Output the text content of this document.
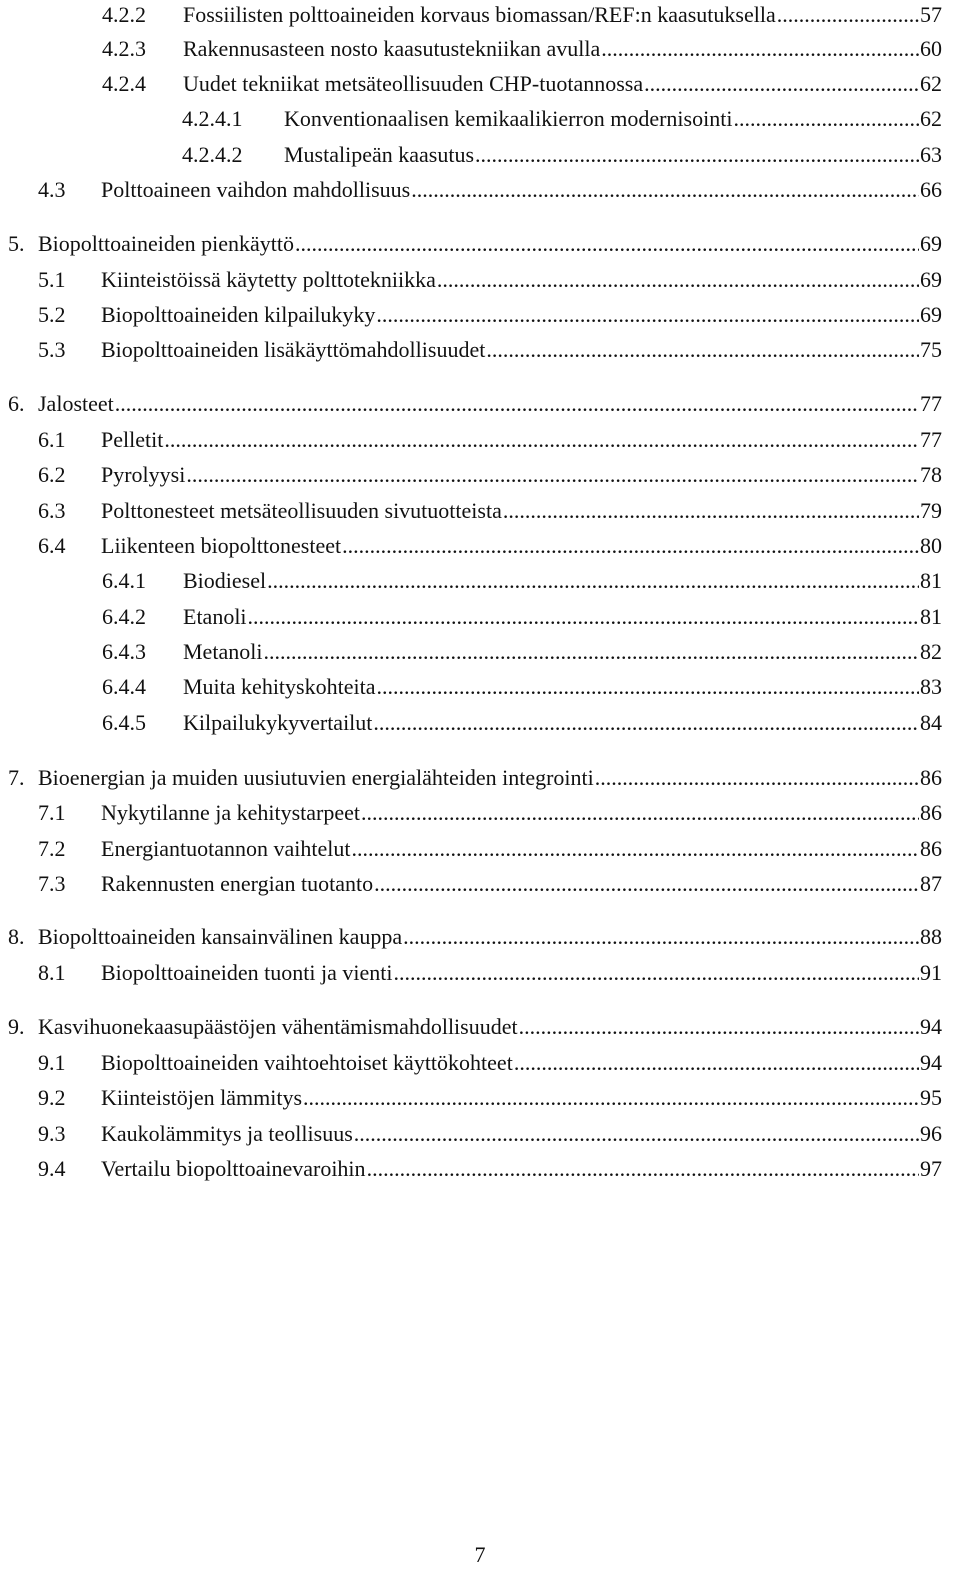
4.2.2	Fossiilisten polttoaineiden korvaus biomassan/REF:n kaasutuksella .....	57
4.2.3	Rakennusasteen nosto kaasutustekniikan avulla .....	60
4.2.4	Uudet tekniikat metsäteollisuuden CHP-tuotannossa .....	62
4.2.4.1	Konventionaalisen kemikaalikierron modernisointi .....	62
4.2.4.2	Mustalipeän kaasutus .....	63
4.3	Polttoaineen vaihdon mahdollisuus .....	66
5. Biopolttoaineiden pienkäyttö .....	69
5.1	Kiinteistöissä käytetty polttotekniikka .....	69
5.2	Biopolttoaineiden kilpailukyky .....	69
5.3	Biopolttoaineiden lisäkäyttömahdollisuudet .....	75
6. Jalosteet .....	77
6.1	Pelletit .....	77
6.2	Pyrolyysi .....	78
6.3	Polttonesteet metsäteollisuuden sivutuotteista .....	79
6.4	Liikenteen biopolttonesteet .....	80
6.4.1	Biodiesel .....	81
6.4.2	Etanoli .....	81
6.4.3	Metanoli .....	82
6.4.4	Muita kehityskohteita .....	83
6.4.5	Kilpailukykyvertailut .....	84
7. Bioenergian ja muiden uusiutuvien energialähteiden integrointi .....	86
7.1	Nykytilanne ja kehitystarpeet .....	86
7.2	Energiantuotannon vaihtelut .....	86
7.3	Rakennusten energian tuotanto .....	87
8. Biopolttoaineiden kansainvälinen kauppa .....	88
8.1	Biopolttoaineiden tuonti ja vienti .....	91
9. Kasvihuonekaasupäästöjen vähentämismahdollisuudet .....	94
9.1	Biopolttoaineiden vaihtoehtoiset käyttökohteet .....	94
9.2	Kiinteistöjen lämmitys .....	95
9.3	Kaukolämmitys ja teollisuus .....	96
9.4	Vertailu biopolttoainevaroihin .....	97
7
